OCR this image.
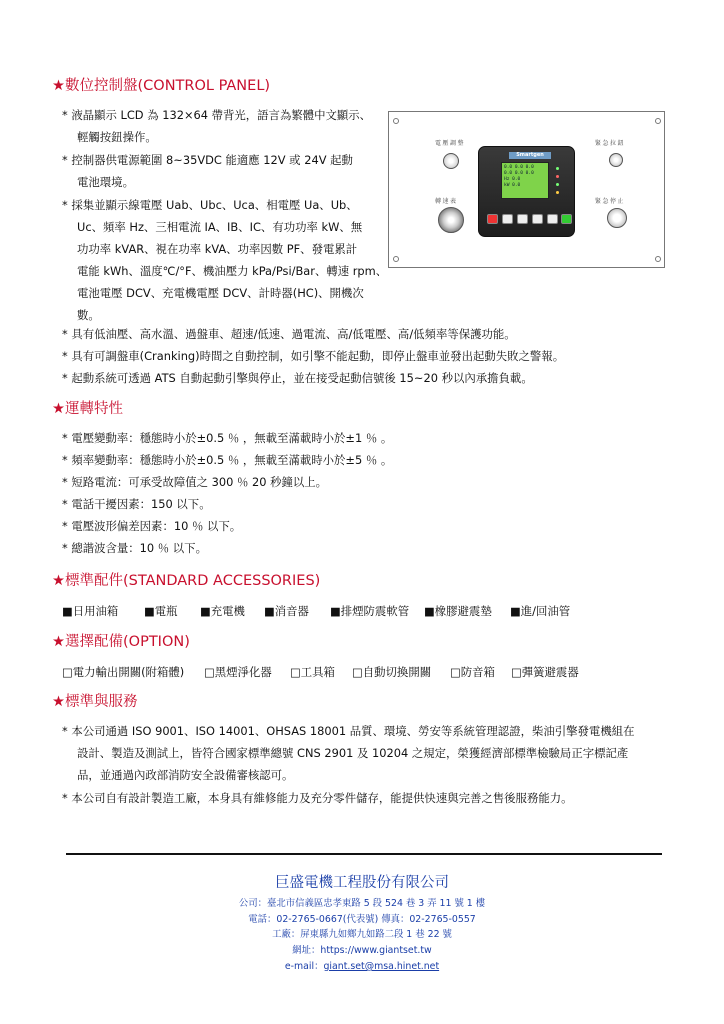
★數位控制盤(CONTROL PANEL)
* 液晶顯示 LCD 為 132×64 帶背光，語言為繁體中文顯示、
輕觸按鈕操作。
* 控制器供電源範圍 8~35VDC 能適應 12V 或 24V 起動
電池環境。
* 採集並顯示線電壓 Uab、Ubc、Uca、相電壓 Ua、Ub、
Uc、頻率 Hz、三相電流 IA、IB、IC、有功功率 kW、無
功功率 kVAR、視在功率 kVA、功率因數 PF、發電累計
電能 kWh、溫度℃/°F、機油壓力 kPa/Psi/Bar、轉速 rpm、
電池電壓 DCV、充電機電壓 DCV、計時器(HC)、開機次
數。
* 具有低油壓、高水溫、過盤車、超速/低速、過電流、高/低電壓、高/低頻率等保護功能。
* 具有可調盤車(Cranking)時間之自動控制，如引擎不能起動，即停止盤車並發出起動失敗之警報。
* 起動系統可透過 ATS 自動起動引擎與停止，並在接受起動信號後 15~20 秒以內承擔負載。
電壓調整
轉速表
緊急拉鈕
緊急停止
Smartgen
0.0 0.0 0.0
0.0 0.0 0.0
Hz 0.0
kW 0.0
★運轉特性
* 電壓變動率：穩態時小於±0.5 ％ ，無載至滿載時小於±1 ％ 。
* 頻率變動率：穩態時小於±0.5 ％ ，無載至滿載時小於±5 ％ 。
* 短路電流：可承受故障值之 300 ％ 20 秒鐘以上。
* 電話干擾因素：150 以下。
* 電壓波形偏差因素：10 ％ 以下。
* 總諧波含量：10 ％ 以下。
★標準配件(STANDARD ACCESSORIES)
■日用油箱	■電瓶	■充電機	■消音器	■排煙防震軟管	■橡膠避震墊	■進/回油管
★選擇配備(OPTION)
□電力輸出開關(附箱體)	□黑煙淨化器	□工具箱	□自動切換開關	□防音箱	□彈簧避震器
★標準與服務
* 本公司通過 ISO 9001、ISO 14001、OHSAS 18001 品質、環境、勞安等系統管理認證，柴油引擎發電機組在
設計、製造及測試上，皆符合國家標準總號 CNS 2901 及 10204 之規定，榮獲經濟部標準檢驗局正字標記產
品，並通過內政部消防安全設備審核認可。
* 本公司自有設計製造工廠，本身具有維修能力及充分零件儲存，能提供快速與完善之售後服務能力。
巨盛電機工程股份有限公司
公司：臺北市信義區忠孝東路 5 段 524 巷 3 弄 11 號 1 樓
電話：02-2765-0667(代表號) 傳真：02-2765-0557
工廠：屏東縣九如鄉九如路二段 1 巷 22 號
網址：https://www.giantset.tw
e-mail：giant.set@msa.hinet.net
